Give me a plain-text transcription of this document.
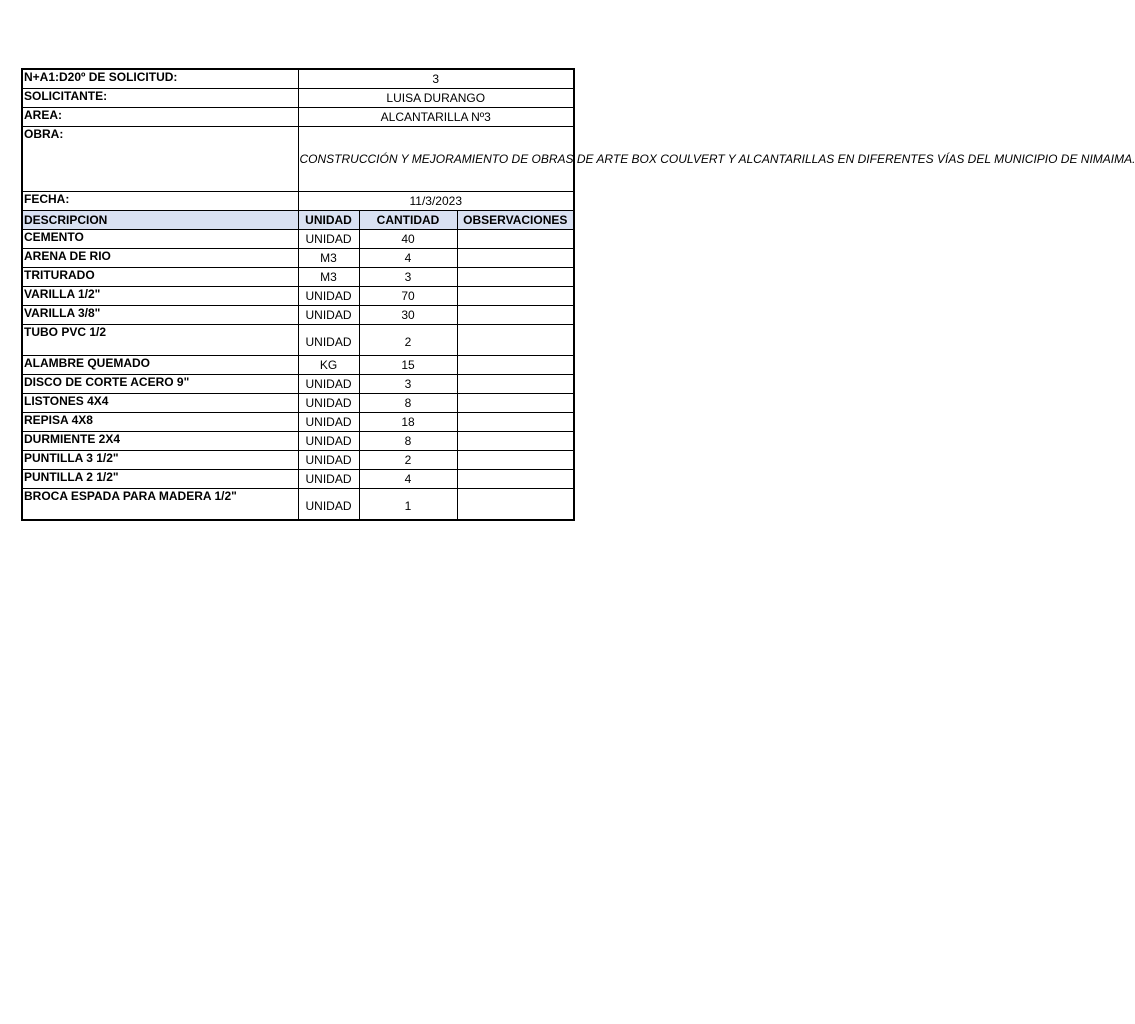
N+A1:D20º DE SOLICITUD:	3		
SOLICITANTE:	LUISA DURANGO		
AREA:	ALCANTARILLA Nº3		
OBRA:	CONSTRUCCIÓN Y MEJORAMIENTO DE OBRAS DE ARTE BOX COULVERT Y ALCANTARILLAS EN DIFERENTES VÍAS DEL MUNICIPIO DE NIMAIMA.		
FECHA:	11/3/2023		
DESCRIPCION	UNIDAD	CANTIDAD	OBSERVACIONES
CEMENTO	UNIDAD	40	
ARENA DE RIO	M3	4	
TRITURADO	M3	3	
VARILLA 1/2"	UNIDAD	70	
VARILLA 3/8"	UNIDAD	30	
TUBO PVC 1/2	UNIDAD	2	
ALAMBRE QUEMADO	KG	15	
DISCO DE CORTE ACERO 9"	UNIDAD	3	
LISTONES 4X4	UNIDAD	8	
REPISA 4X8	UNIDAD	18	
DURMIENTE 2X4	UNIDAD	8	
PUNTILLA 3 1/2"	UNIDAD	2	
PUNTILLA 2 1/2"	UNIDAD	4	
BROCA ESPADA PARA MADERA 1/2"	UNIDAD	1	
